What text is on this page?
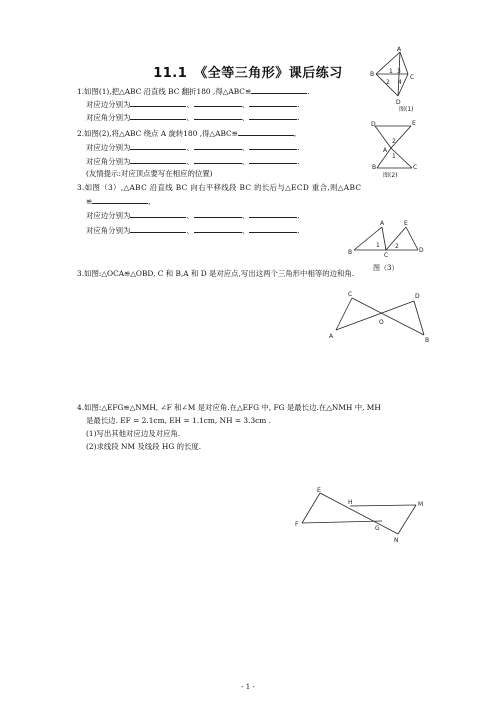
11.1　《全等三角形》课后练习
1.如图(1),把△ABC 沿直线 BC 翻折180 ,得△ABC≌	.
对应边分别为	、	、	.
对应角分别为	、	、	.
2.如图(2),将△ABC 绕点 A 旋转180 ,得△ABC≌	,
对应边分别为	、	、	.
对应角分别为	、	、	.
(友情提示:对应顶点要写在相应的位置)
3.如图（3）,△ABC 沿直线 BC 向右平移线段 BC 的长后与△ECD 重合,则△ABC
≌	,
对应边分别为	、	、	,
对应角分别为	、	、	.
3.如图:△OCA≌△OBD, C 和 B,A 和 D 是对应点,写出这两个三角形中相等的边和角.
4.如图:△EFG≌△NMH, ∠F 和∠M 是对应角.在△EFG 中, FG 是最长边.在△NMH 中, MH
是最长边. EF = 2.1cm, EH = 1.1cm, NH = 3.3cm .
(1)写出其他对应边及对应角.
(2)求线段 NM 及线段 HG 的长度.
A
B	C
D
1
2
3
4
图(1)
D	E
A
B	C
1
2
图(2)
A	E
B	C
D
1	2
图（3）
C	D
O
A
B
E
H	M
F
G
N
- 1 -
